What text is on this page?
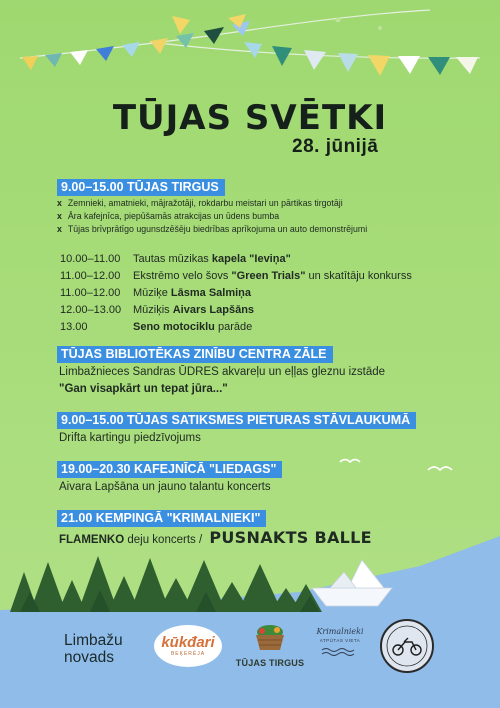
TŪJAS SVĒTKI
28. jūnijā
9.00–15.00 TŪJAS TIRGUS
x Zemnieki, amatnieki, mājražotāji, rokdarbu meistari un pārtikas tirgotāji
x Āra kafejnīca, piepūšamās atrakcijas un ūdens bumba
x Tūjas brīvprātīgo ugunsdzēšēju biedrības aprīkojuma un auto demonstrējumi
10.00–11.00 Tautas mūzikas kapela "Ieviņa"
11.00–12.00 Ekstrēmo velo šovs "Green Trials" un skatītāju konkurss
11.00–12.00 Mūziķe Lāsma Salmiņa
12.00–13.00 Mūziķis Aivars Lapšāns
13.00	Seno motociklu parāde
TŪJAS BIBLIOTĒKAS ZINĪBU CENTRA ZĀLE
Limbažnieces Sandras ŪDRES akvareļu un eļļas gleznu izstāde
"Gan visapkārt un tepat jūra..."
9.00–15.00 TŪJAS SATIKSMES PIETURAS STĀVLAUKUMĀ
Drifta kartingu piedzīvojums
19.00–20.30 KAFEJNĪCĀ "LIEDAGS"
Aivara Lapšāna un jauno talantu koncerts
21.00 KEMPINGĀ "KRIMALNIEKI"
FLAMENKO deju koncerts / PUSNAKTS BALLE
Limbažu
novads
kūkđari
BEĶERĒJA
TŪJAS TIRGUS
Krimalnieki
ATPŪTAS VIETA
